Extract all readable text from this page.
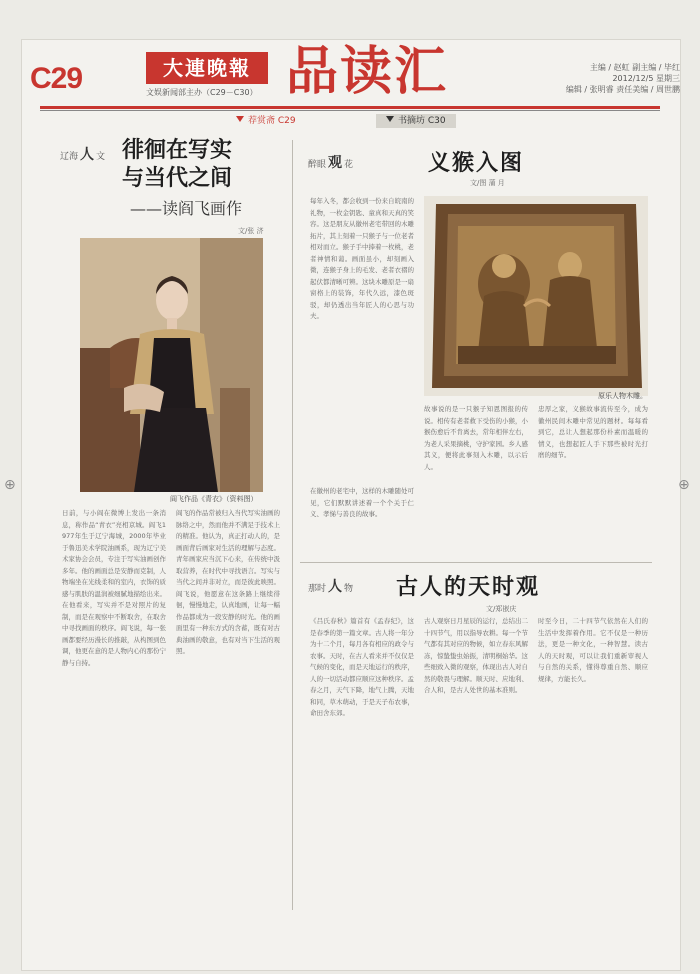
⊕	⊕
C29	大連晚報
文娱新闻部主办（C29－C30） 品读汇	主编 / 赵虹 副主编 / 毕红
2012/12/5 星期三
编辑 / 张明睿 责任美编 / 周世鹏
荐赏斋 C29	书摘坊 C30
辽海 人 文 徘徊在写实
与当代之间
——读阎飞画作
文/张 济
阎飞作品《青衣》（资料图）
日前，与小阎在微博上发出一条消息，称作品“青衣”亮相京城。阎飞1977年生于辽宁海城，2000年毕业于鲁迅美术学院油画系，现为辽宁美术家协会会员，专注于写实油画创作多年。他的画面总是安静而克制，人物端坐在光线柔和的室内，衣饰的质感与肌肤的温润被细腻地描绘出来。在他看来，写实并不是对照片的复制，而是在观察中不断取舍，在取舍中寻找画面的秩序。阎飞说，每一张画都要经历漫长的推敲，从构图到色调，他更在意的是人物内心的那份宁静与自持。
阎飞的作品常被归入当代写实油画的脉络之中，然而他并不满足于技术上的精准。他认为，真正打动人的，是画面背后画家对生活的理解与态度。青年画家应当沉下心来，在传统中汲取营养，在时代中寻找语言。写实与当代之间并非对立，而是彼此映照。阎飞说，他愿意在这条路上继续徘徊，慢慢地走，认真地画，让每一幅作品都成为一段安静的时光。他的画面里有一种东方式的含蓄，既有对古典油画的敬意，也有对当下生活的观照。
醉眼 观 花	义猴入图
文/图 蒲 月
原乐人物木雕。
每年入冬，都会收到一份来自皖南的礼物，一枚金钥匙、童真和天真的笑容。这是朋友从徽州老宅带回的木雕拓片，其上刻着一只猴子与一位老者相对而立。猴子手中捧着一枚桃，老者神情和蔼。画面虽小，却刻画入微，连猴子身上的毛发、老者衣褶的起伏都清晰可辨。这块木雕原是一扇窗格上的装饰，年代久远，漆色斑驳，却仍透出当年匠人的心思与功夫。
故事说的是一只猴子知恩图报的传说。相传有老者救下受伤的小猴，小猴伤愈后不肯离去，常年相伴左右，为老人采果摘桃，守护家园。乡人感其义，便将此事刻入木雕，以示后人。
忠厚之家，义猴故事流传至今，成为徽州民间木雕中常见的题材。每每看到它，总让人想起那份朴素而温暖的情义，也想起匠人手下那些被时光打磨的细节。
在徽州的老宅中，这样的木雕随处可见，它们默默讲述着一个个关于仁义、孝悌与善良的故事。
那时 人 物 古人的天时观
文/郑嵌庆
《吕氏春秋》篇首有《孟春纪》，这是春季的第一篇文章。古人将一年分为十二个月，每月各有相应的政令与农事。天时，在古人看来并不仅仅是气候的变化，而是天地运行的秩序，人的一切活动都应顺应这种秩序。孟春之月，天气下降，地气上腾，天地和同，草木萌动，于是天子布农事，命田舍东郊。
古人观察日月星辰的运行，总结出二十四节气，用以指导农耕。每一个节气都有其对应的物候，如立春东风解冻，惊蛰蛰虫始振，清明桐始华。这些细致入微的观察，体现出古人对自然的敬畏与理解。顺天时、应地利、合人和，是古人处世的基本准则。
时至今日，二十四节气依然在人们的生活中发挥着作用。它不仅是一种历法，更是一种文化，一种智慧。读古人的天时观，可以让我们重新审视人与自然的关系，懂得尊重自然、顺应规律，方能长久。
